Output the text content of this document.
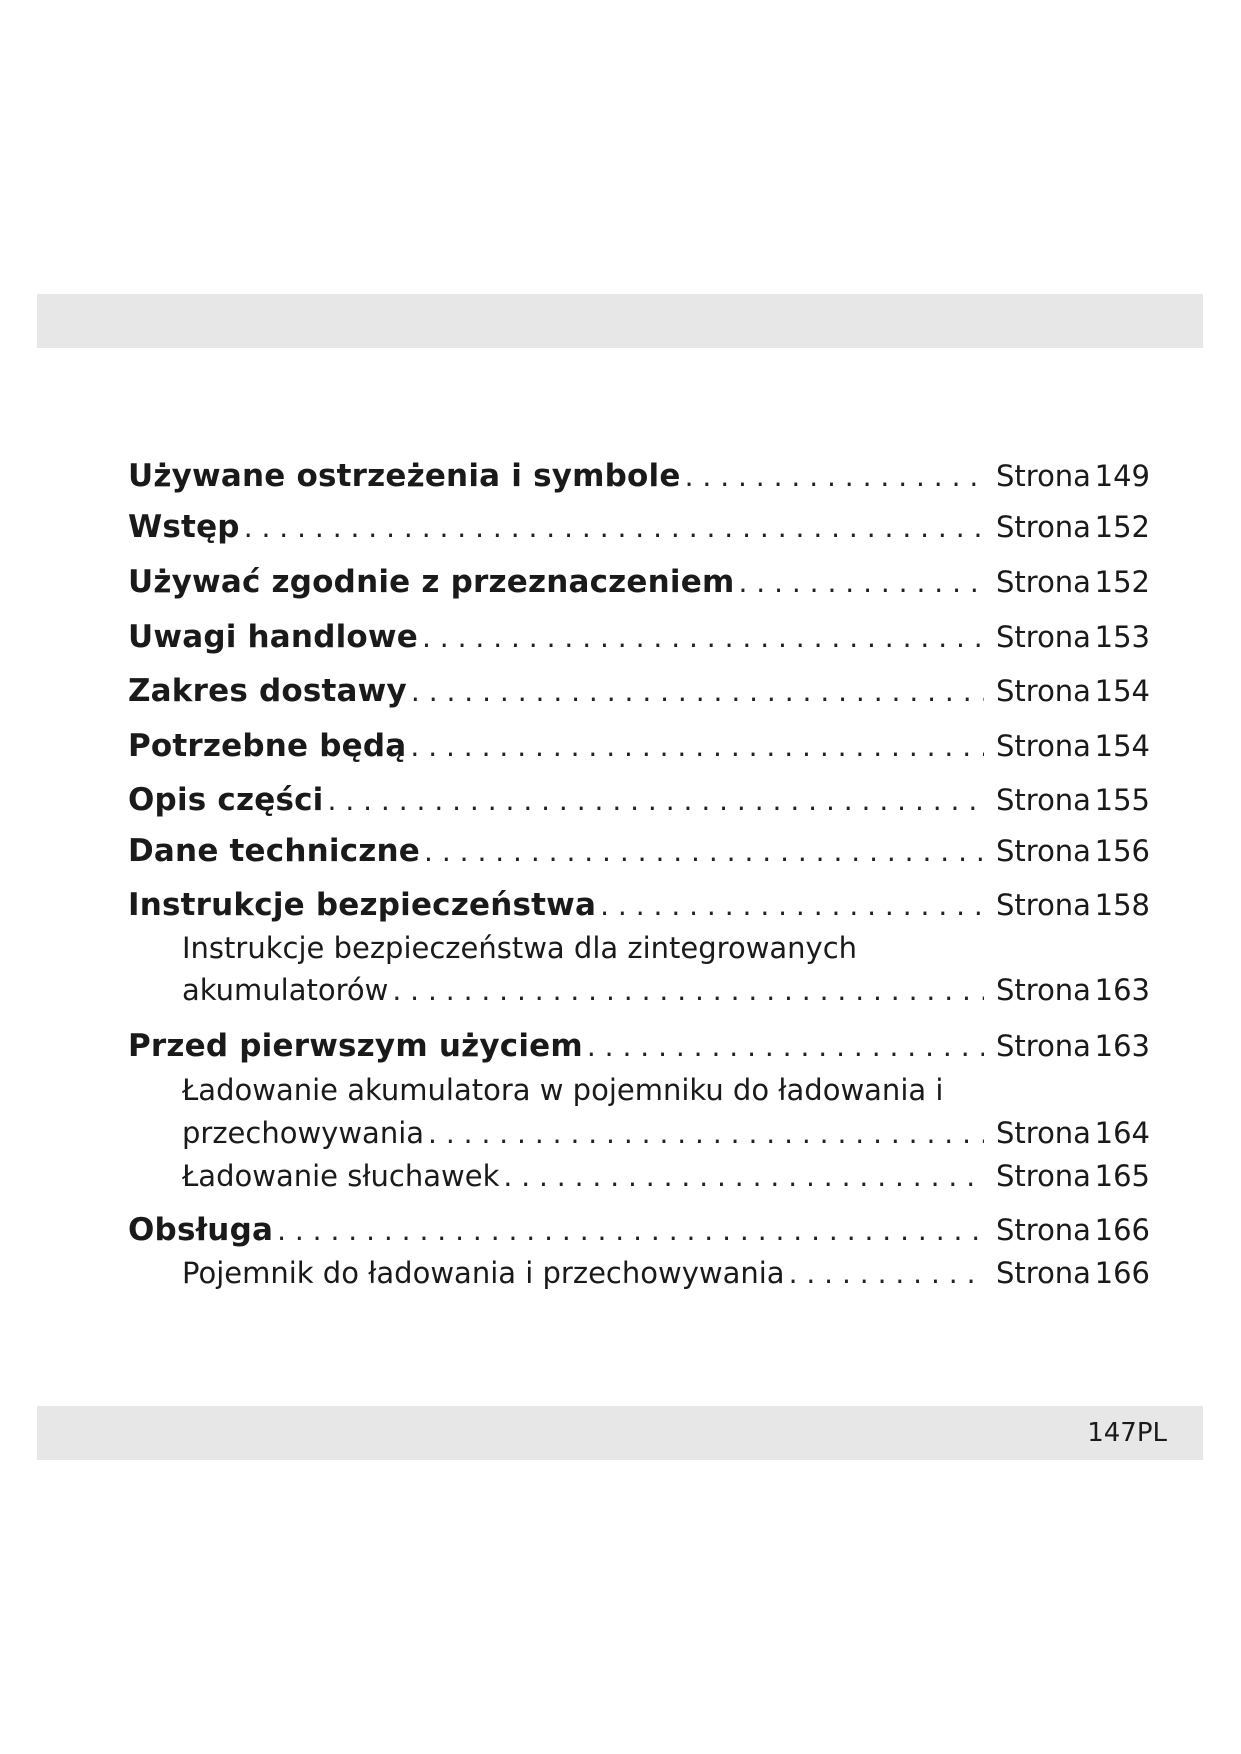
Używane ostrzeżenia i symbole . . .	Strona 149
Wstęp . . .	Strona 152
Używać zgodnie z przeznaczeniem . . .	Strona 152
Uwagi handlowe . . .	Strona 153
Zakres dostawy . . .	Strona 154
Potrzebne będą . . .	Strona 154
Opis części . . .	Strona 155
Dane techniczne . . .	Strona 156
Instrukcje bezpieczeństwa . . .	Strona 158
Instrukcje bezpieczeństwa dla zintegrowanych
akumulatorów . . .	Strona 163
Przed pierwszym użyciem . . .	Strona 163
Ładowanie akumulatora w pojemniku do ładowania i
przechowywania . . .	Strona 164
Ładowanie słuchawek . . .	Strona 165
Obsługa . . .	Strona 166
Pojemnik do ładowania i przechowywania . . .	Strona 166
147PL
